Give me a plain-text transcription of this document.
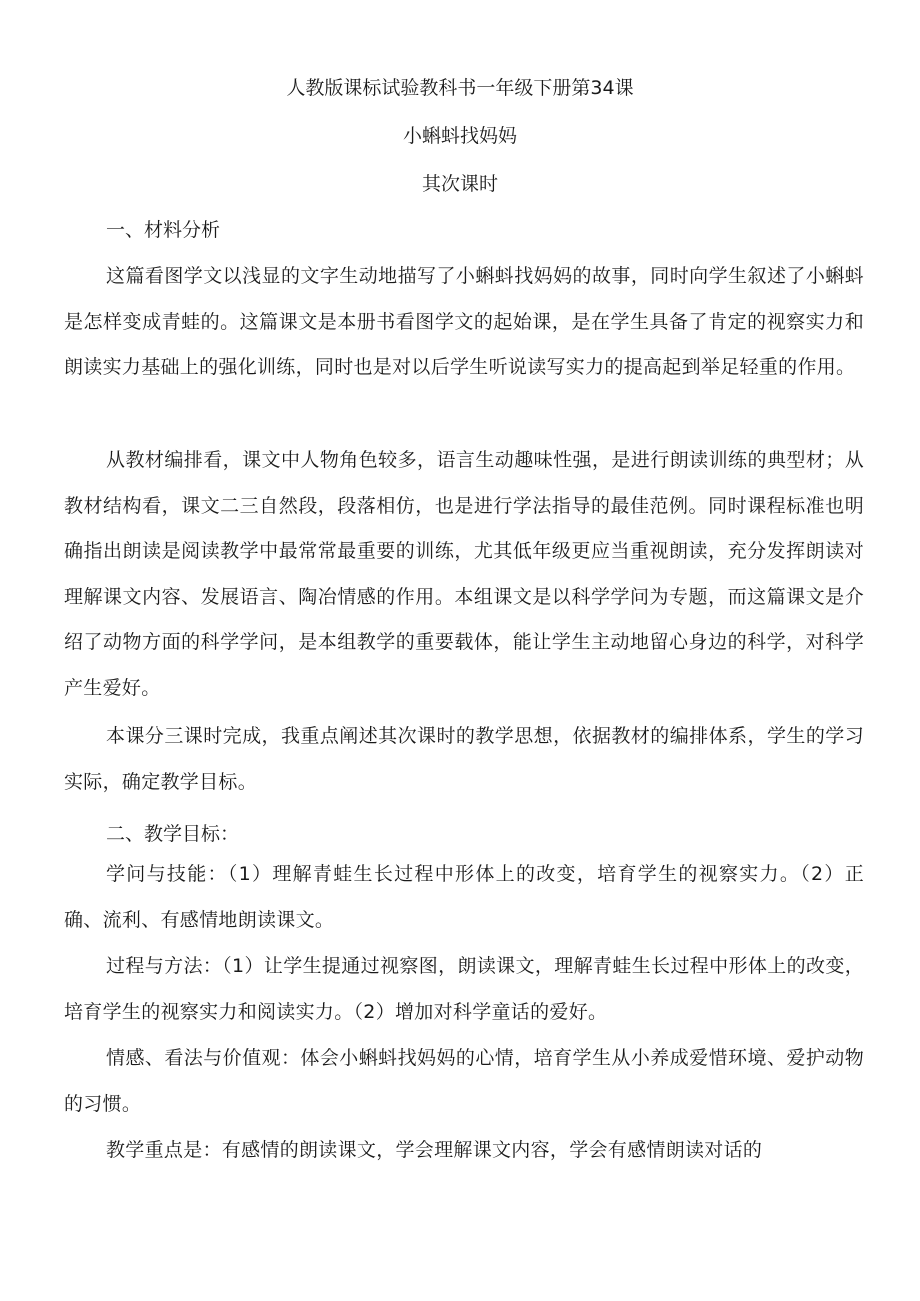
人教版课标试验教科书一年级下册第34课
小蝌蚪找妈妈
其次课时
一、材料分析
这篇看图学文以浅显的文字生动地描写了小蝌蚪找妈妈的故事，同时向学生叙述了小蝌蚪是怎样变成青蛙的。这篇课文是本册书看图学文的起始课，是在学生具备了肯定的视察实力和朗读实力基础上的强化训练，同时也是对以后学生听说读写实力的提高起到举足轻重的作用。
从教材编排看，课文中人物角色较多，语言生动趣味性强，是进行朗读训练的典型材；从教材结构看，课文二三自然段，段落相仿，也是进行学法指导的最佳范例。同时课程标准也明确指出朗读是阅读教学中最常常最重要的训练，尤其低年级更应当重视朗读，充分发挥朗读对理解课文内容、发展语言、陶冶情感的作用。本组课文是以科学学问为专题，而这篇课文是介绍了动物方面的科学学问，是本组教学的重要载体，能让学生主动地留心身边的科学，对科学产生爱好。
本课分三课时完成，我重点阐述其次课时的教学思想，依据教材的编排体系，学生的学习实际，确定教学目标。
二、教学目标：
学问与技能：（1）理解青蛙生长过程中形体上的改变，培育学生的视察实力。（2）正确、流利、有感情地朗读课文。
过程与方法：（1）让学生提通过视察图，朗读课文，理解青蛙生长过程中形体上的改变，培育学生的视察实力和阅读实力。（2）增加对科学童话的爱好。
情感、看法与价值观：体会小蝌蚪找妈妈的心情，培育学生从小养成爱惜环境、爱护动物的习惯。
教学重点是：有感情的朗读课文，学会理解课文内容，学会有感情朗读对话的
